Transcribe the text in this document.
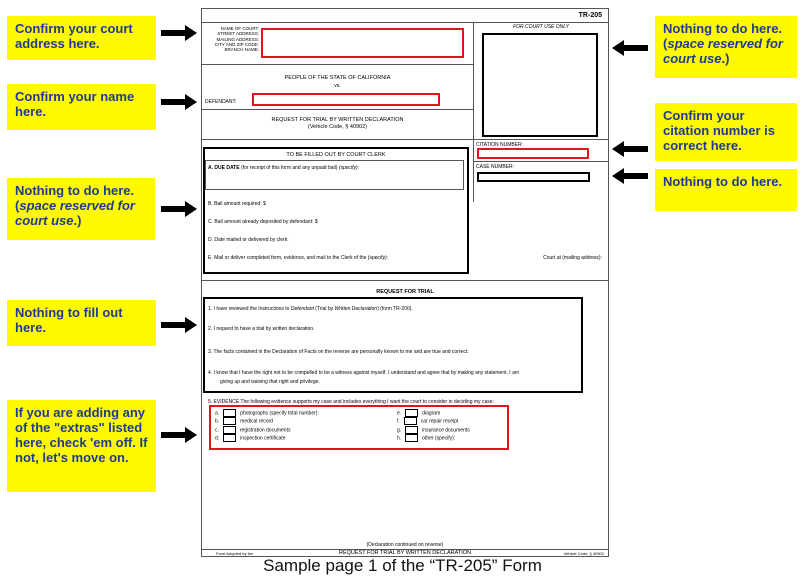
Confirm your court address here.
Confirm your name here.
Nothing to do here. (space reserved for court use.)
Nothing to fill out here.
If you are adding any of the "extras" listed here, check 'em off. If not, let's move on.
Nothing to do here. (space reserved for court use.)
Confirm your citation number is correct here.
Nothing to do here.
TR-205
NAME OF COURT:
STREET ADDRESS:
MAILING ADDRESS:
CITY AND ZIP CODE:
BRANCH NAME:
FOR COURT USE ONLY
PEOPLE OF THE STATE OF CALIFORNIA
vs.
DEFENDANT:
REQUEST FOR TRIAL BY WRITTEN DECLARATION
(Vehicle Code, § 40902)
CITATION NUMBER:
CASE NUMBER:
TO BE FILLED OUT BY COURT CLERK
A. DUE DATE (for receipt of this form and any unpaid bail) (specify):
B. Bail amount required: $
C. Bail amount already deposited by defendant: $
D. Date mailed or delivered by clerk:
E. Mail or deliver completed form, evidence, and mail to the Clerk of the (specify):	Court at (mailing address):
REQUEST FOR TRIAL
1. I have reviewed the Instructions to Defendant (Trial by Written Declaration) (form TR-200).
2. I request to have a trial by written declaration.
3. The facts contained in the Declaration of Facts on the reverse are personally known to me and are true and correct.
4. I know that I have the right not to be compelled to be a witness against myself. I understand and agree that by making any statement, I am
giving up and waiving that right and privilege.
5. EVIDENCE The following evidence supports my case and includes everything I want the court to consider in deciding my case:
a.	photographs (specify total number):
b.	medical record
c.	registration documents
d.	inspection certificate
e.	diagram
f.	car repair receipt
g.	insurance documents
h.	other (specify):
(Declaration continued on reverse)
Form Adopted by the	REQUEST FOR TRIAL BY WRITTEN DECLARATION	Vehicle Code, § 40902
Sample page 1 of the “TR-205” Form
